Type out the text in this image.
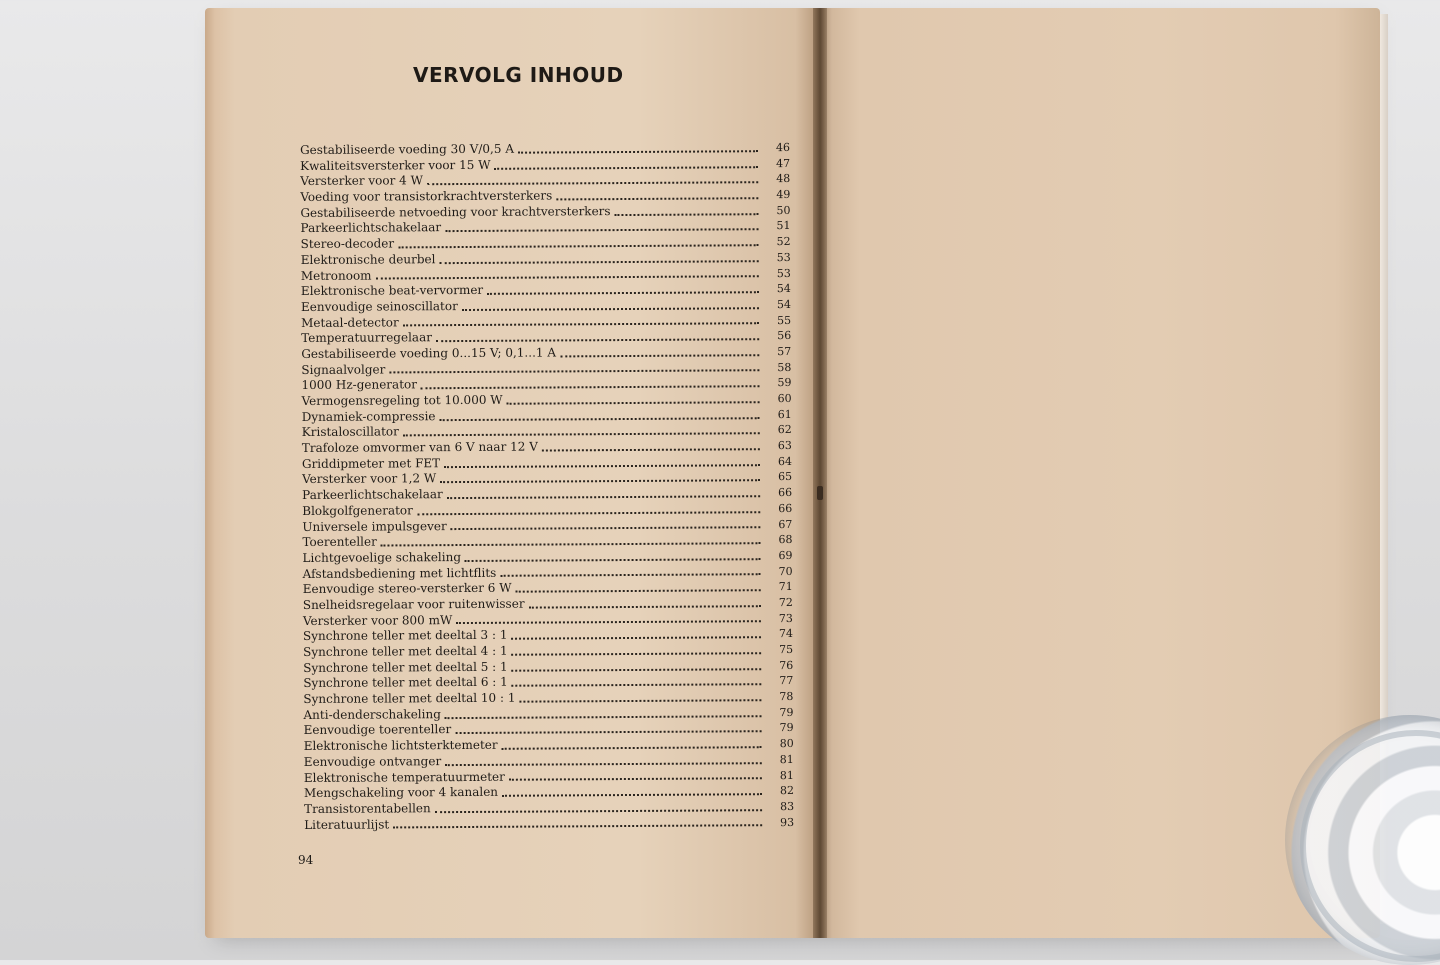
VERVOLG INHOUD
Gestabiliseerde voeding 30 V/0,5 A	46
Kwaliteitsversterker voor 15 W	47
Versterker voor 4 W	48
Voeding voor transistorkrachtversterkers	49
Gestabiliseerde netvoeding voor krachtversterkers	50
Parkeerlichtschakelaar	51
Stereo-decoder	52
Elektronische deurbel	53
Metronoom	53
Elektronische beat-vervormer	54
Eenvoudige seinoscillator	54
Metaal-detector	55
Temperatuurregelaar	56
Gestabiliseerde voeding 0...15 V; 0,1...1 A	57
Signaalvolger	58
1000 Hz-generator	59
Vermogensregeling tot 10.000 W	60
Dynamiek-compressie	61
Kristaloscillator	62
Trafoloze omvormer van 6 V naar 12 V	63
Griddipmeter met FET	64
Versterker voor 1,2 W	65
Parkeerlichtschakelaar	66
Blokgolfgenerator	66
Universele impulsgever	67
Toerenteller	68
Lichtgevoelige schakeling	69
Afstandsbediening met lichtflits	70
Eenvoudige stereo-versterker 6 W	71
Snelheidsregelaar voor ruitenwisser	72
Versterker voor 800 mW	73
Synchrone teller met deeltal 3 : 1	74
Synchrone teller met deeltal 4 : 1	75
Synchrone teller met deeltal 5 : 1	76
Synchrone teller met deeltal 6 : 1	77
Synchrone teller met deeltal 10 : 1	78
Anti-denderschakeling	79
Eenvoudige toerenteller	79
Elektronische lichtsterktemeter	80
Eenvoudige ontvanger	81
Elektronische temperatuurmeter	81
Mengschakeling voor 4 kanalen	82
Transistorentabellen	83
Literatuurlijst	93
94
